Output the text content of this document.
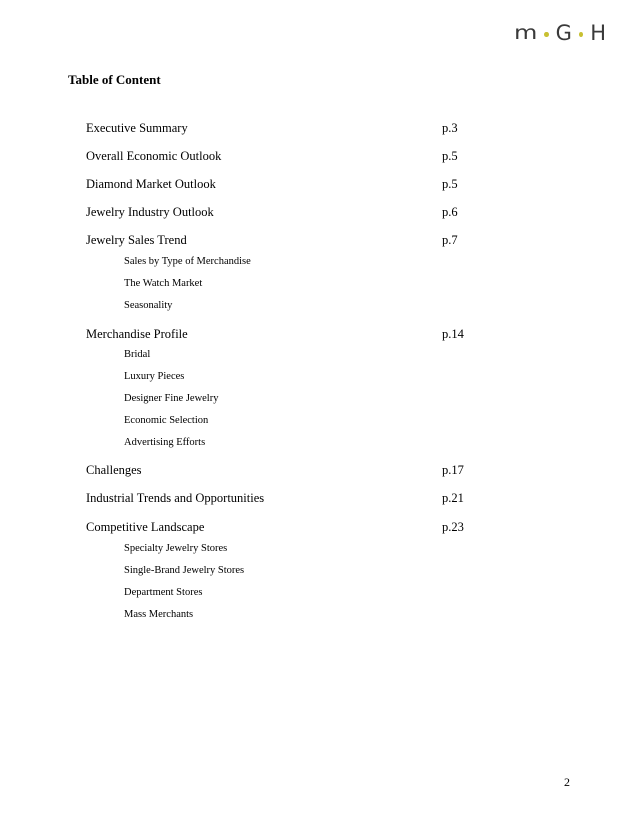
m G H
Table of Content
Executive Summary	p.3
Overall Economic Outlook	p.5
Diamond Market Outlook	p.5
Jewelry Industry Outlook	p.6
Jewelry Sales Trend	p.7
Sales by Type of Merchandise
The Watch Market
Seasonality
Merchandise Profile	p.14
Bridal
Luxury Pieces
Designer Fine Jewelry
Economic Selection
Advertising Efforts
Challenges	p.17
Industrial Trends and Opportunities	p.21
Competitive Landscape	p.23
Specialty Jewelry Stores
Single-Brand Jewelry Stores
Department Stores
Mass Merchants
2
